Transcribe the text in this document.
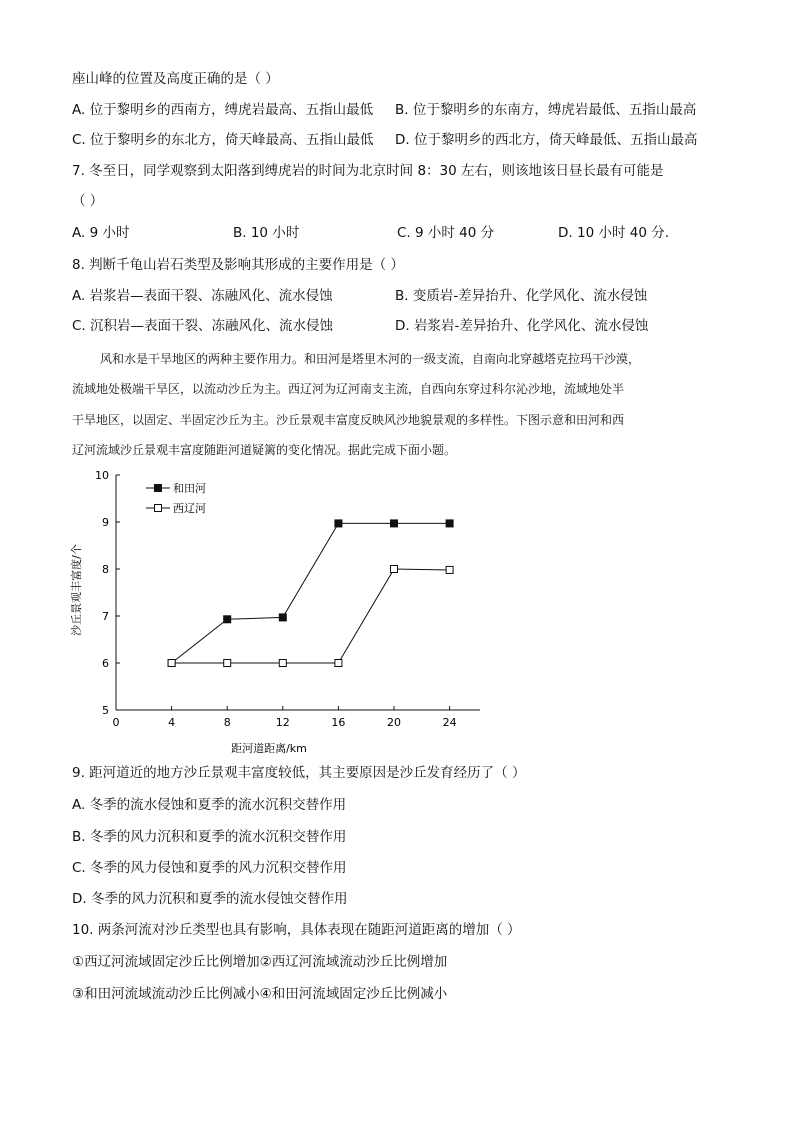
座山峰的位置及高度正确的是（ ）
A. 位于黎明乡的西南方，缚虎岩最高、五指山最低 B. 位于黎明乡的东南方，缚虎岩最低、五指山最高
C. 位于黎明乡的东北方，倚天峰最高、五指山最低 D. 位于黎明乡的西北方，倚天峰最低、五指山最高
7. 冬至日，同学观察到太阳落到缚虎岩的时间为北京时间 8：30 左右，则该地该日昼长最有可能是
（ ）
A. 9 小时	B. 10 小时	C. 9 小时 40 分	D. 10 小时 40 分.
8. 判断千龟山岩石类型及影响其形成的主要作用是（ ）
A. 岩浆岩—表面干裂、冻融风化、流水侵蚀	B. 变质岩-差异抬升、化学风化、流水侵蚀
C. 沉积岩—表面干裂、冻融风化、流水侵蚀	D. 岩浆岩-差异抬升、化学风化、流水侵蚀
风和水是干旱地区的两种主要作用力。和田河是塔里木河的一级支流，自南向北穿越塔克拉玛干沙漠，
流域地处极端干旱区，以流动沙丘为主。西辽河为辽河南支主流，自西向东穿过科尔沁沙地，流域地处半
干旱地区，以固定、半固定沙丘为主。沙丘景观丰富度反映风沙地貌景观的多样性。下图示意和田河和西
辽河流域沙丘景观丰富度随距河道疑篱的变化情况。据此完成下面小题。
5
6
7
8
9
10
0	4	8	12	16	20	24
和田河
西辽河
沙丘景观丰富度/个
距河道距离/km
9. 距河道近的地方沙丘景观丰富度较低，其主要原因是沙丘发育经历了（ ）
A. 冬季的流水侵蚀和夏季的流水沉积交替作用
B. 冬季的风力沉积和夏季的流水沉积交替作用
C. 冬季的风力侵蚀和夏季的风力沉积交替作用
D. 冬季的风力沉积和夏季的流水侵蚀交替作用
10. 两条河流对沙丘类型也具有影响，具体表现在随距河道距离的增加（ ）
①西辽河流域固定沙丘比例增加②西辽河流域流动沙丘比例增加
③和田河流域流动沙丘比例减小④和田河流域固定沙丘比例减小
